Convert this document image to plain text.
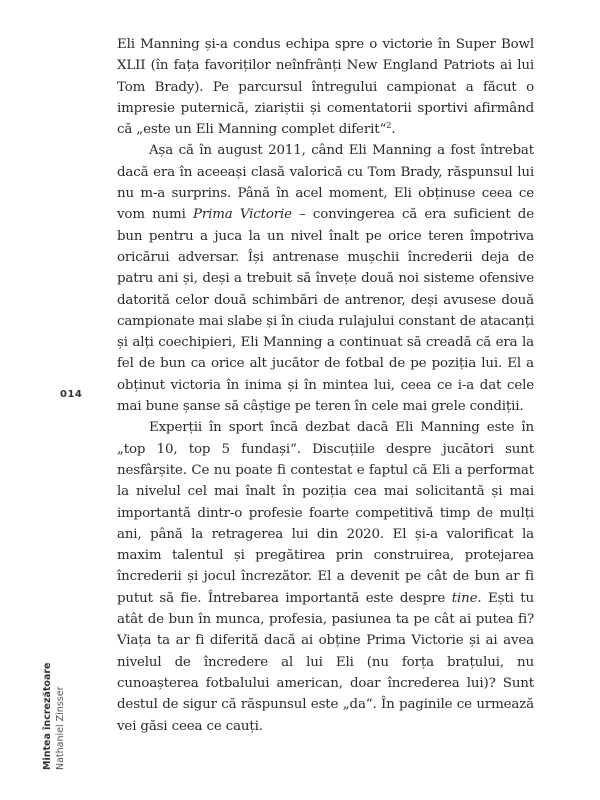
Eli Manning și-a condus echipa spre o victorie în Super Bowl XLII (în fața favoriților neînfrânți New England Patriots ai lui Tom Brady). Pe parcursul întregului campionat a făcut o impresie puternică, ziariștii și comentatorii sportivi afirmând că „este un Eli Manning complet diferit“$^2$.

Așa că în august 2011, când Eli Manning a fost întrebat dacă era în aceeași clasă valorică cu Tom Brady, răspunsul lui nu m-a surprins. Până în acel moment, Eli obținuse ceea ce vom numi Prima Victorie – convingerea că era suficient de bun pentru a juca la un nivel înalt pe orice teren împotriva oricărui adversar. Își antrenase mușchii încrederii deja de patru ani și, deși a trebuit să învețe două noi sisteme ofensive datorită celor două schimbări de antrenor, deși avusese două campionate mai slabe și în ciuda rulajului constant de atacanți și alți coechipieri, Eli Manning a continuat să creadă că era la fel de bun ca orice alt jucător de fotbal de pe poziția lui. El a obținut victoria în inima și în mintea lui, ceea ce i-a dat cele mai bune șanse să câștige pe teren în cele mai grele condiții.

Experții în sport încă dezbat dacă Eli Manning este în „top 10, top 5 fundași“. Discuțiile despre jucători sunt nesfârșite. Ce nu poate fi contestat e faptul că Eli a performat la nivelul cel mai înalt în poziția cea mai solicitantă și mai importantă dintr-o profesie foarte competitivă timp de mulți ani, până la retragerea lui din 2020. El și-a valorificat la maxim talentul și pregătirea prin construirea, protejarea încrederii și jocul încrezător. El a devenit pe cât de bun ar fi putut să fie. Întrebarea importantă este despre tine. Ești tu atât de bun în munca, profesia, pasiunea ta pe cât ai putea fi? Viața ta ar fi diferită dacă ai obține Prima Victorie și ai avea nivelul de încredere al lui Eli (nu forța brațului, nu cunoașterea fotbalului american, doar încrederea lui)? Sunt destul de sigur că răspunsul este „da“. În paginile ce urmează vei găsi ceea ce cauți.

014
Mintea încrezătoare Nathaniel Zinsser
